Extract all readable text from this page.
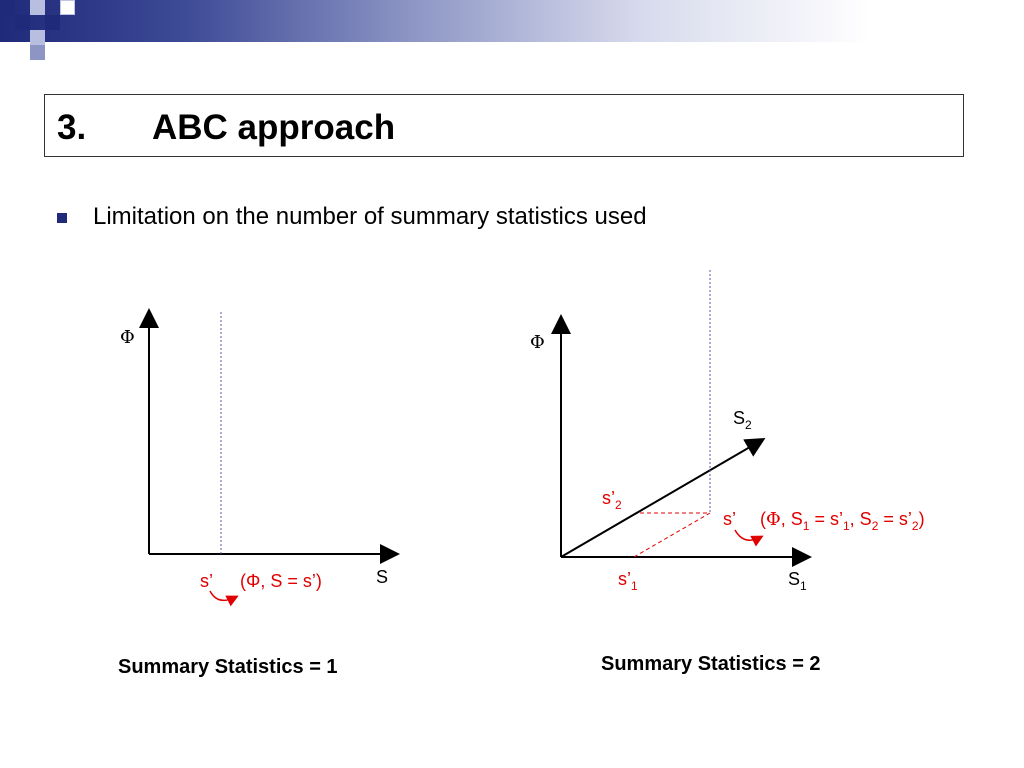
3. ABC approach
Limitation on the number of summary statistics used
Φ
S
s’ (Φ, S = s’)
Φ
$S_2$
$S_1$
$s’_2$
$s’_1$
s’ (Φ, $S_1$ = $s’_1$, $S_2$ = $s’_2$)
Summary Statistics = 1	Summary Statistics = 2
